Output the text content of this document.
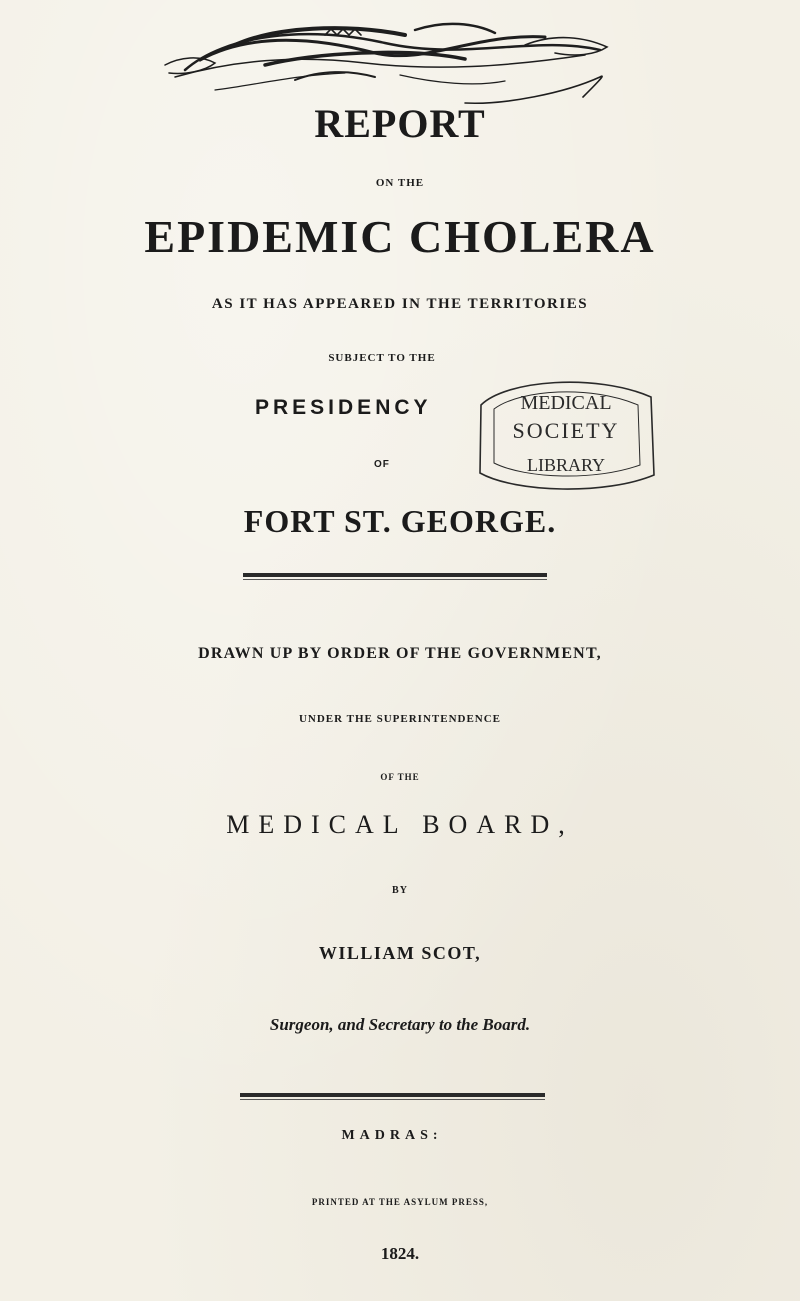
REPORT
ON THE
EPIDEMIC CHOLERA
AS IT HAS APPEARED IN THE TERRITORIES
SUBJECT TO THE
PRESIDENCY
OF
MEDICAL
SOCIETY
LIBRARY
FORT ST. GEORGE.
DRAWN UP BY ORDER OF THE GOVERNMENT,
UNDER THE SUPERINTENDENCE
OF THE
MEDICAL BOARD,
BY
WILLIAM SCOT,
Surgeon, and Secretary to the Board.
MADRAS:
PRINTED AT THE ASYLUM PRESS,
1824.
